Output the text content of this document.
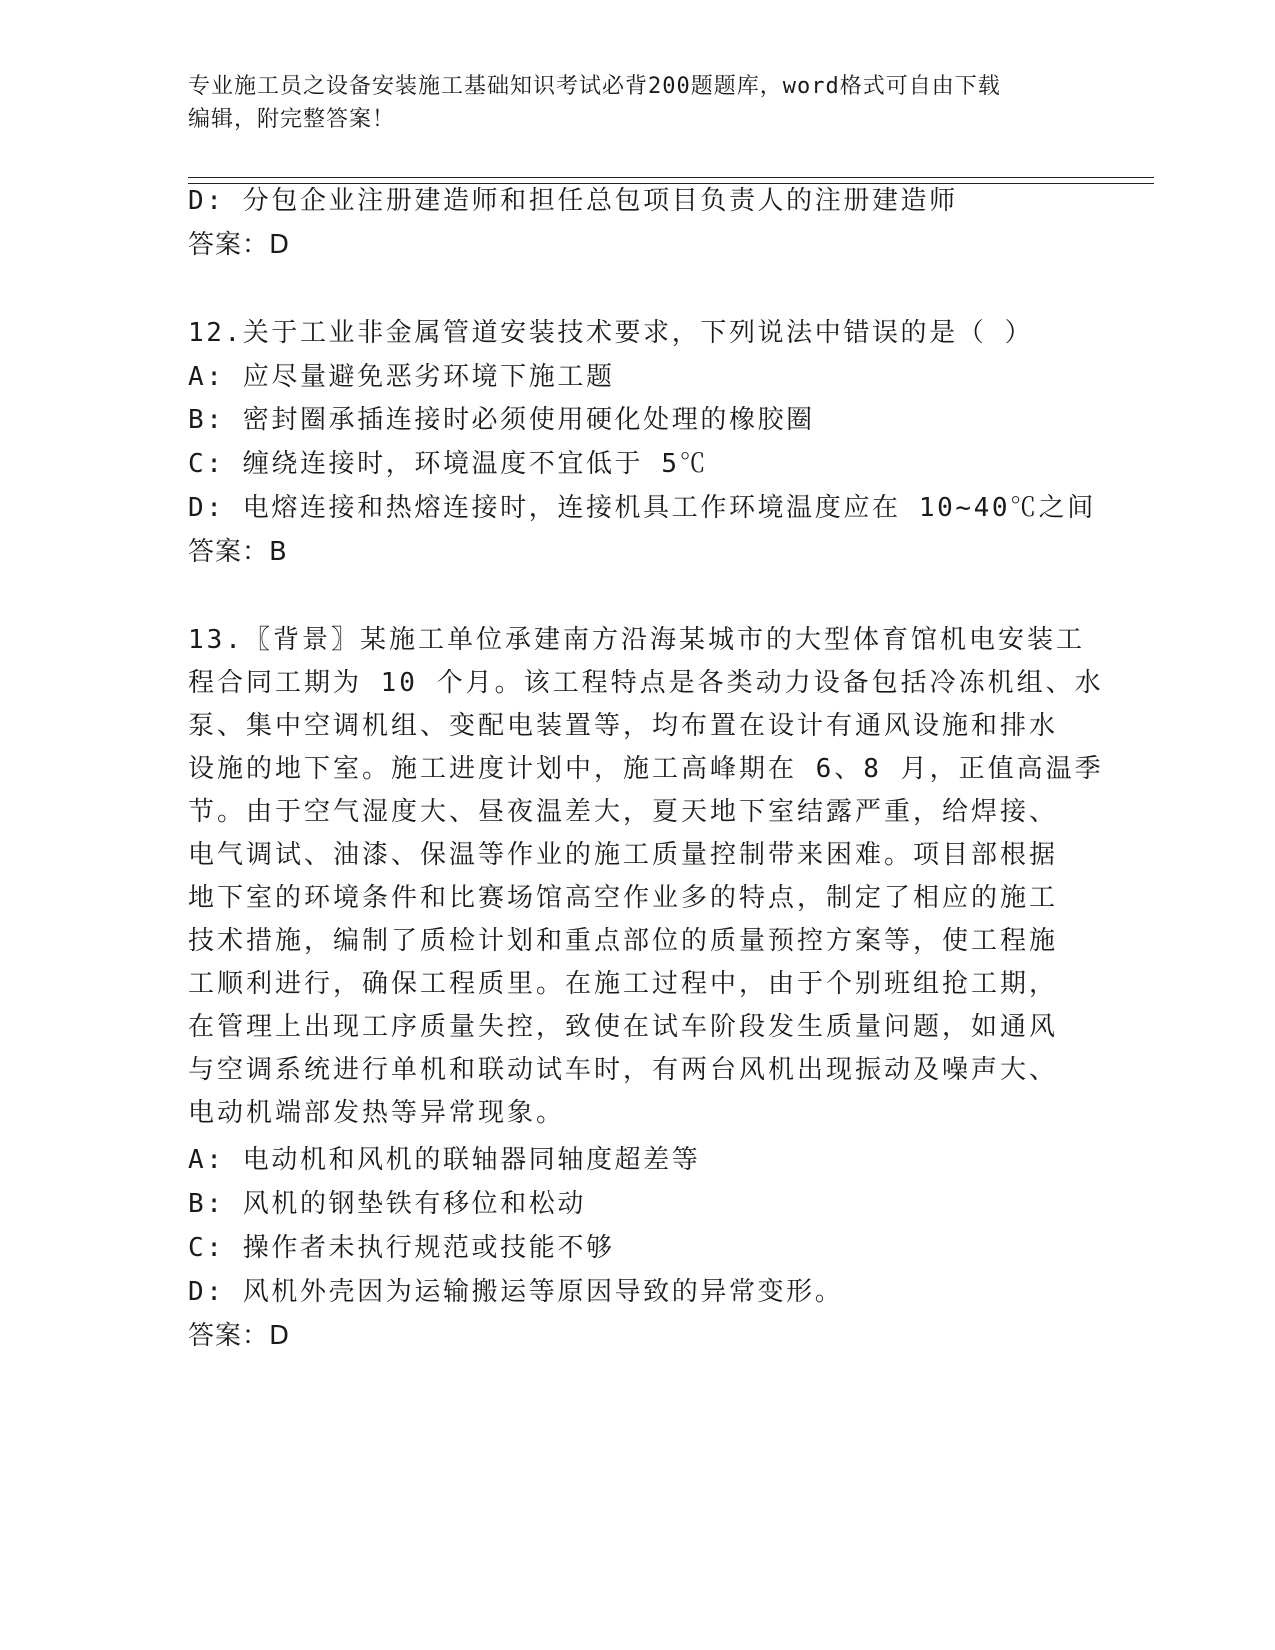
专业施工员之设备安装施工基础知识考试必背200题题库，word格式可自由下载
编辑，附完整答案！
D: 分包企业注册建造师和担任总包项目负责人的注册建造师
答案：D
12.关于工业非金属管道安装技术要求，下列说法中错误的是（ ）
A: 应尽量避免恶劣环境下施工题
B: 密封圈承插连接时必须使用硬化处理的橡胶圈
C: 缠绕连接时，环境温度不宜低于 5℃
D: 电熔连接和热熔连接时，连接机具工作环境温度应在 10~40℃之间
答案：B
13.〖背景〗某施工单位承建南方沿海某城市的大型体育馆机电安装工
程合同工期为 10 个月。该工程特点是各类动力设备包括冷冻机组、水
泵、集中空调机组、变配电装置等，均布置在设计有通风设施和排水
设施的地下室。施工进度计划中，施工高峰期在 6、8 月，正值高温季
节。由于空气湿度大、昼夜温差大，夏天地下室结露严重，给焊接、
电气调试、油漆、保温等作业的施工质量控制带来困难。项目部根据
地下室的环境条件和比赛场馆高空作业多的特点，制定了相应的施工
技术措施，编制了质检计划和重点部位的质量预控方案等，使工程施
工顺利进行，确保工程质里。在施工过程中，由于个别班组抢工期，
在管理上出现工序质量失控，致使在试车阶段发生质量问题，如通风
与空调系统进行单机和联动试车时，有两台风机出现振动及噪声大、
电动机端部发热等异常现象。
A: 电动机和风机的联轴器同轴度超差等
B: 风机的钢垫铁有移位和松动
C: 操作者未执行规范或技能不够
D: 风机外壳因为运输搬运等原因导致的异常变形。
答案：D
